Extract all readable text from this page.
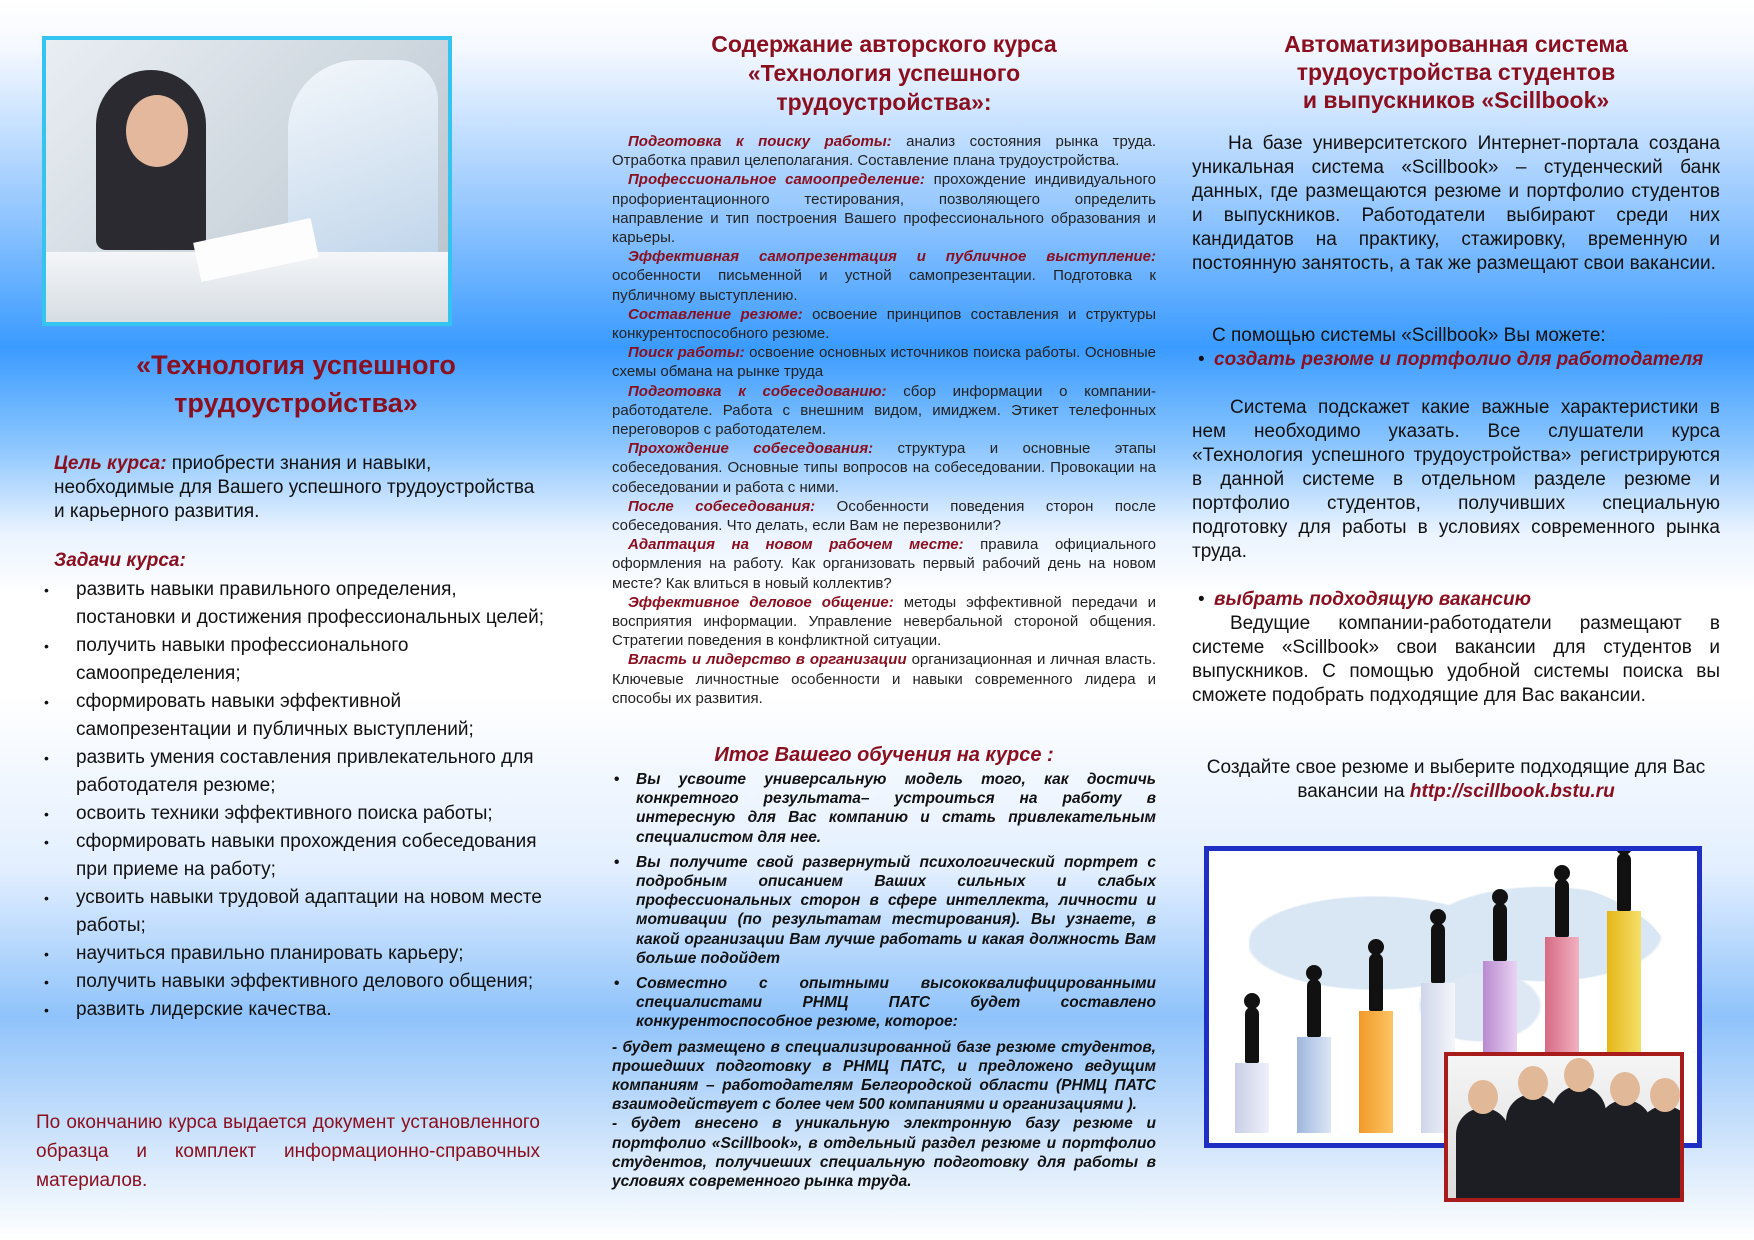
«Технология успешного
трудоустройства»
Цель курса: приобрести знания и навыки, необходимые для Вашего успешного трудоустройства и карьерного развития.
Задачи курса:
• развить навыки правильного определения, постановки и достижения профессиональных целей;
• получить навыки профессионального самоопределения;
• сформировать навыки эффективной самопрезентации и публичных выступлений;
• развить умения составления привлекательного для работодателя резюме;
• освоить техники эффективного поиска работы;
• сформировать навыки прохождения собеседования при приеме на работу;
• усвоить навыки трудовой адаптации на новом месте работы;
• научиться правильно планировать карьеру;
• получить навыки эффективного делового общения;
• развить лидерские качества.
По окончанию курса выдается документ установленного образца и комплект информационно-справочных материалов.
Содержание авторского курса
«Технология успешного
трудоустройства»:

Подготовка к поиску работы: анализ состояния рынка труда. Отработка правил целеполагания. Составление плана трудоустройства.

Профессиональное самоопределение: прохождение индивидуального профориентационного тестирования, позволяющего определить направление и тип построения Вашего профессионального образования и карьеры.

Эффективная самопрезентация и публичное выступление: особенности письменной и устной самопрезентации. Подготовка к публичному выступлению.

Составление резюме: освоение принципов составления и структуры конкурентоспособного резюме.

Поиск работы: освоение основных источников поиска работы. Основные схемы обмана на рынке труда

Подготовка к собеседованию: сбор информации о компании-работодателе. Работа с внешним видом, имиджем. Этикет телефонных переговоров с работодателем.

Прохождение собеседования: структура и основные этапы собеседования. Основные типы вопросов на собеседовании. Провокации на собеседовании и работа с ними.

После собеседования: Особенности поведения сторон после собеседования. Что делать, если Вам не перезвонили?

Адаптация на новом рабочем месте: правила официального оформления на работу. Как организовать первый рабочий день на новом месте? Как влиться в новый коллектив?

Эффективное деловое общение: методы эффективной передачи и восприятия информации. Управление невербальной стороной общения. Стратегии поведения в конфликтной ситуации.

Власть и лидерство в организации организационная и личная власть. Ключевые личностные особенности и навыки современного лидера и способы их развития.

Итог Вашего обучения на курсе :
• Вы усвоите универсальную модель того, как достичь конкретного результата– устроиться на работу в интересную для Вас компанию и стать привлекательным специалистом для нее.
• Вы получите свой развернутый психологический портрет с подробным описанием Ваших сильных и слабых профессиональных сторон в сфере интеллекта, личности и мотивации (по результатам тестирования). Вы узнаете, в какой организации Вам лучше работать и какая должность Вам больше подойдет
• Совместно с опытными высококвалифицированными специалистами РНМЦ ПАТС будет составлено конкурентоспособное резюме, которое:

- будет размещено в специализированной базе резюме студентов, прошедших подготовку в РНМЦ ПАТС, и предложено ведущим компаниям – работодателям Белгородской области (РНМЦ ПАТС взаимодействует с более чем 500 компаниями и организациями ).

- будет внесено в уникальную электронную базу резюме и портфолио «Scillbook», в отдельный раздел резюме и портфолио студентов, получиеших специальную подготовку для работы в условиях современного рынка труда.

Автоматизированная система
трудоустройства студентов
и выпускников «Scillbook»
На базе университетского Интернет-портала создана уникальная система «Scillbook» – студенческий банк данных, где размещаются резюме и портфолио студентов и выпускников. Работодатели выбирают среди них кандидатов на практику, стажировку, временную и постоянную занятость, а так же размещают свои вакансии.
С помощью системы «Scillbook» Вы можете:
• создать резюме и портфолио для работодателя
Система подскажет какие важные характеристики в нем необходимо указать. Все слушатели курса «Технология успешного трудоустройства» регистрируются в данной системе в отдельном разделе резюме и портфолио студентов, получивших специальную подготовку для работы в условиях современного рынка труда.
• выбрать подходящую вакансию
Ведущие компании-работодатели размещают в системе «Scillbook» свои вакансии для студентов и выпускников. С помощью удобной системы поиска вы сможете подобрать подходящие для Вас вакансии.
Создайте свое резюме и выберите подходящие для Вас вакансии на http://scillbook.bstu.ru
